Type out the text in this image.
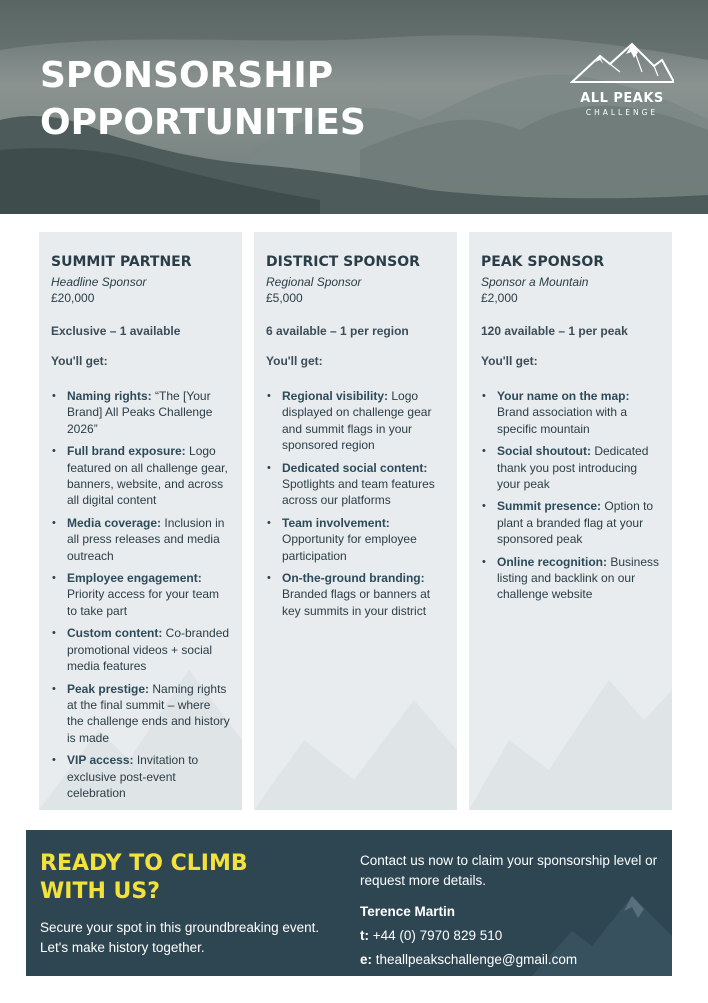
SPONSORSHIP
OPPORTUNITIES
ALL PEAKS
CHALLENGE
SUMMIT PARTNER
Headline Sponsor
£20,000
Exclusive – 1 available
You'll get:
• Naming rights: “The [Your Brand] All Peaks Challenge 2026”
• Full brand exposure: Logo featured on all challenge gear, banners, website, and across all digital content
• Media coverage: Inclusion in all press releases and media outreach
• Employee engagement: Priority access for your team to take part
• Custom content: Co-branded promotional videos + social media features
• Peak prestige: Naming rights at the final summit – where the challenge ends and history is made
• VIP access: Invitation to exclusive post-event celebration
DISTRICT SPONSOR
Regional Sponsor
£5,000
6 available – 1 per region
You'll get:
• Regional visibility: Logo displayed on challenge gear and summit flags in your sponsored region
• Dedicated social content: Spotlights and team features across our platforms
• Team involvement: Opportunity for employee participation
• On-the-ground branding: Branded flags or banners at key summits in your district
PEAK SPONSOR
Sponsor a Mountain
£2,000
120 available – 1 per peak
You'll get:
• Your name on the map: Brand association with a specific mountain
• Social shoutout: Dedicated thank you post introducing your peak
• Summit presence: Option to plant a branded flag at your sponsored peak
• Online recognition: Business listing and backlink on our challenge website
READY TO CLIMB
WITH US?

Secure your spot in this groundbreaking event. Let's make history together.

Contact us now to claim your sponsorship level or request more details.

Terence Martin

t: +44 (0) 7970 829 510

e: theallpeakschallenge@gmail.com
